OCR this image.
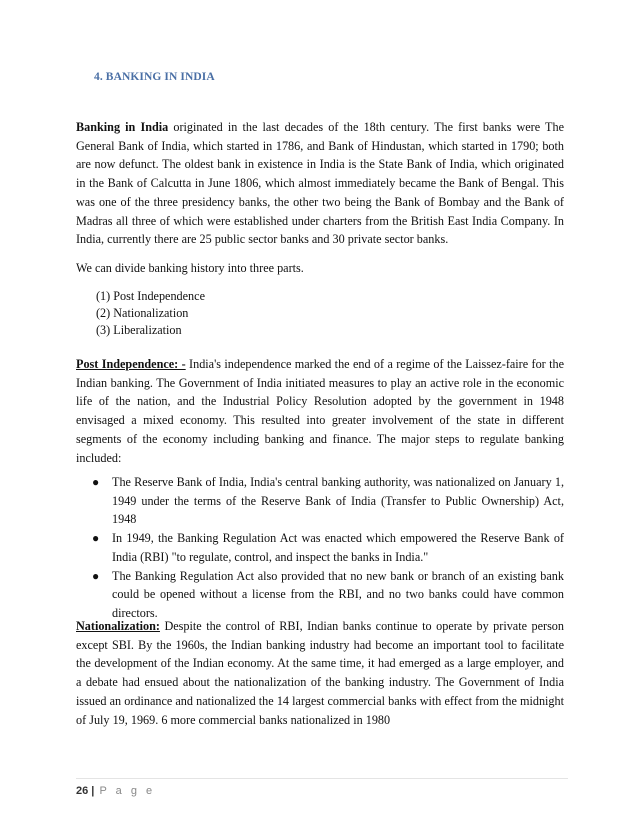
4. BANKING IN INDIA
Banking in India originated in the last decades of the 18th century. The first banks were The General Bank of India, which started in 1786, and Bank of Hindustan, which started in 1790; both are now defunct. The oldest bank in existence in India is the State Bank of India, which originated in the Bank of Calcutta in June 1806, which almost immediately became the Bank of Bengal. This was one of the three presidency banks, the other two being the Bank of Bombay and the Bank of Madras all three of which were established under charters from the British East India Company. In India, currently there are 25 public sector banks and 30 private sector banks.
We can divide banking history into three parts.
(1) Post Independence
(2) Nationalization
(3) Liberalization
Post Independence: - India's independence marked the end of a regime of the Laissez-faire for the Indian banking. The Government of India initiated measures to play an active role in the economic life of the nation, and the Industrial Policy Resolution adopted by the government in 1948 envisaged a mixed economy. This resulted into greater involvement of the state in different segments of the economy including banking and finance. The major steps to regulate banking included:
● The Reserve Bank of India, India's central banking authority, was nationalized on January 1, 1949 under the terms of the Reserve Bank of India (Transfer to Public Ownership) Act, 1948
● In 1949, the Banking Regulation Act was enacted which empowered the Reserve Bank of India (RBI) "to regulate, control, and inspect the banks in India."
● The Banking Regulation Act also provided that no new bank or branch of an existing bank could be opened without a license from the RBI, and no two banks could have common directors.
Nationalization: Despite the control of RBI, Indian banks continue to operate by private person except SBI. By the 1960s, the Indian banking industry had become an important tool to facilitate the development of the Indian economy. At the same time, it had emerged as a large employer, and a debate had ensued about the nationalization of the banking industry. The Government of India issued an ordinance and nationalized the 14 largest commercial banks with effect from the midnight of July 19, 1969. 6 more commercial banks nationalized in 1980
26 | P a g e
